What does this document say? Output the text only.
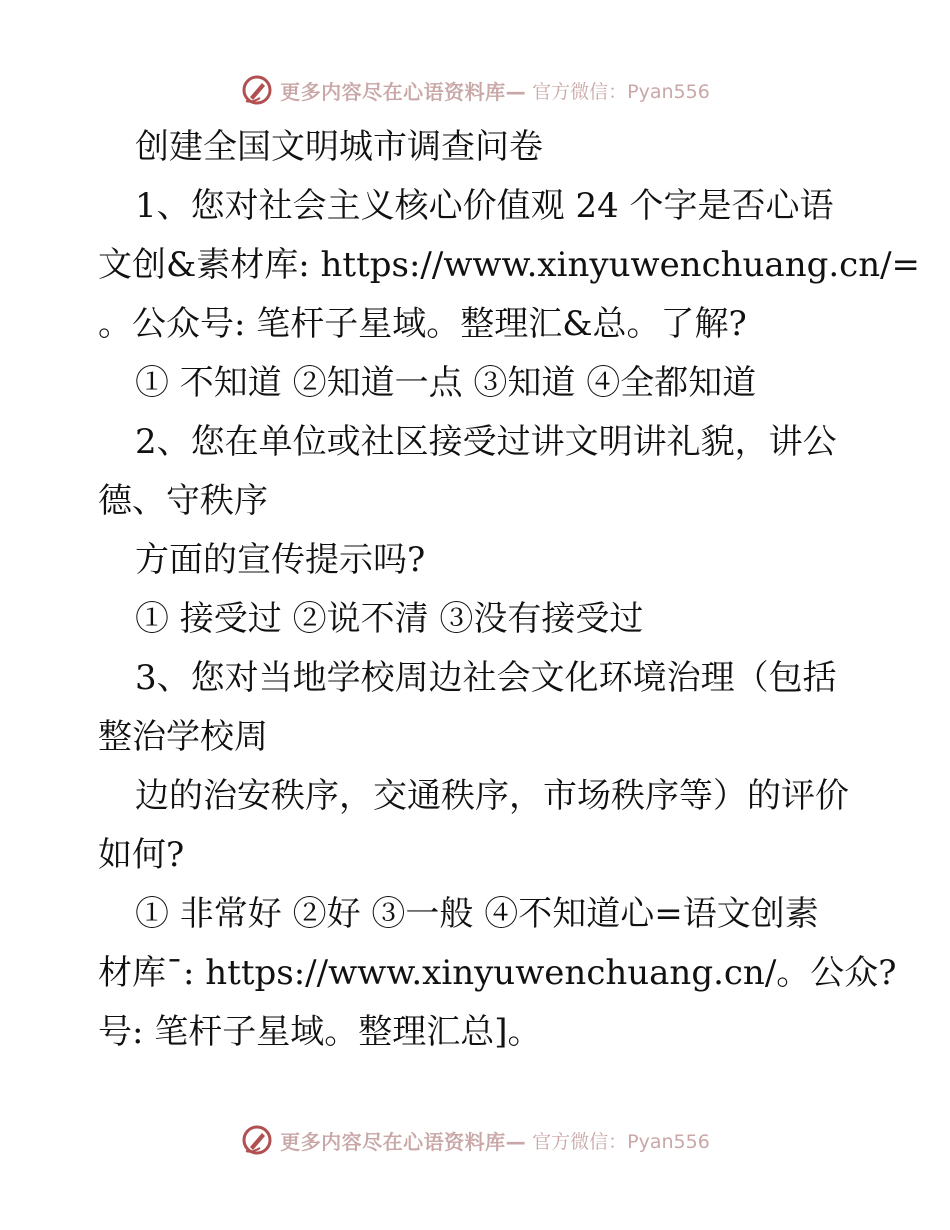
更多内容尽在心语资料库— 官方微信：Pyan556
创建全国文明城市调查问卷
1、您对社会主义核心价值观 24 个字是否心语
文创&素材库: https://www.xinyuwenchuang.cn/=
。公众号: 笔杆子星域。整理汇&总。了解?
① 不知道 ②知道一点 ③知道 ④全都知道
2、您在单位或社区接受过讲文明讲礼貌，讲公
德、守秩序
方面的宣传提示吗?
① 接受过 ②说不清 ③没有接受过
3、您对当地学校周边社会文化环境治理（包括
整治学校周
边的治安秩序，交通秩序，市场秩序等）的评价
如何?
① 非常好 ②好 ③一般 ④不知道心=语文创素
材库¯: https://www.xinyuwenchuang.cn/。公众?
号: 笔杆子星域。整理汇总]。
更多内容尽在心语资料库— 官方微信：Pyan556
